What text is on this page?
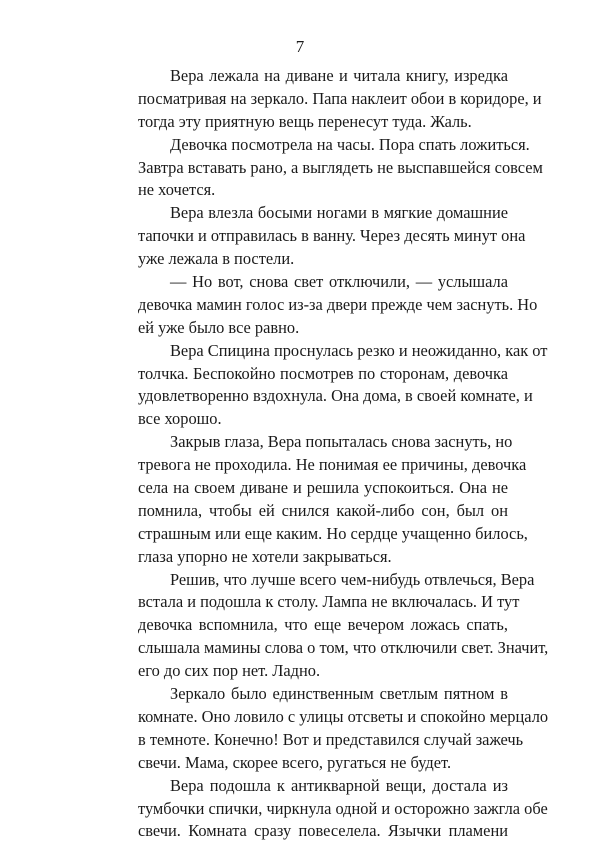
7
Вера лежала на диване и читала книгу, изредка
посматривая на зеркало. Папа наклеит обои в коридоре, и
тогда эту приятную вещь перенесут туда. Жаль.
Девочка посмотрела на часы. Пора спать ложиться.
Завтра вставать рано, а выглядеть не выспавшейся совсем
не хочется.
Вера влезла босыми ногами в мягкие домашние
тапочки и отправилась в ванну. Через десять минут она
уже лежала в постели.
— Но вот, снова свет отключили, — услышала
девочка мамин голос из-за двери прежде чем заснуть. Но
ей уже было все равно.
Вера Спицина проснулась резко и неожиданно, как от
толчка. Беспокойно посмотрев по сторонам, девочка
удовлетворенно вздохнула. Она дома, в своей комнате, и
все хорошо.
Закрыв глаза, Вера попыталась снова заснуть, но
тревога не проходила. Не понимая ее причины, девочка
села на своем диване и решила успокоиться. Она не
помнила, чтобы ей снился какой-либо сон, был он
страшным или еще каким. Но сердце учащенно билось,
глаза упорно не хотели закрываться.
Решив, что лучше всего чем-нибудь отвлечься, Вера
встала и подошла к столу. Лампа не включалась. И тут
девочка вспомнила, что еще вечером ложась спать,
слышала мамины слова о том, что отключили свет. Значит,
его до сих пор нет. Ладно.
Зеркало было единственным светлым пятном в
комнате. Оно ловило с улицы отсветы и спокойно мерцало
в темноте. Конечно! Вот и представился случай зажечь
свечи. Мама, скорее всего, ругаться не будет.
Вера подошла к антикварной вещи, достала из
тумбочки спички, чиркнула одной и осторожно зажгла обе
свечи. Комната сразу повеселела. Язычки пламени
